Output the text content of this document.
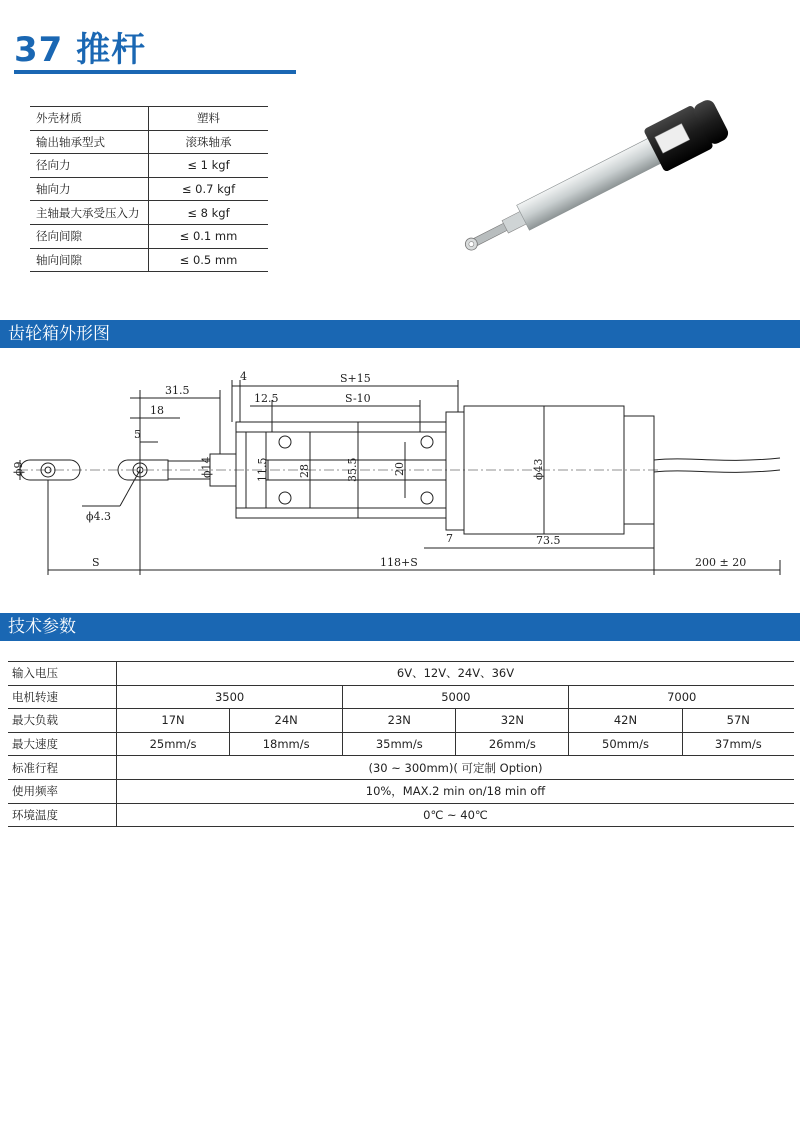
37 推杆
外壳材质	塑料
输出轴承型式	滚珠轴承
径向力	≤ 1 kgf
轴向力	≤ 0.7 kgf
主轴最大承受压入力	≤ 8 kgf
径向间隙	≤ 0.1 mm
轴向间隙	≤ 0.5 mm
齿轮箱外形图
ϕ9
31.5
18
5
ϕ4.3
4	S+15
12.5	S-10
ϕ14	11.5	28	35.5	20	ϕ43
7	73.5
S	118+S	200 ± 20
技术参数
输入电压	6V、12V、24V、36V					
电机转速	3500		5000		7000	
最大负载	17N	24N	23N	32N	42N	57N
最大速度	25mm/s	18mm/s	35mm/s	26mm/s	50mm/s	37mm/s
标准行程	(30 ~ 300mm)( 可定制 Option)					
使用频率	10%，MAX.2 min on/18 min off					
环境温度	0℃ ~ 40℃					
